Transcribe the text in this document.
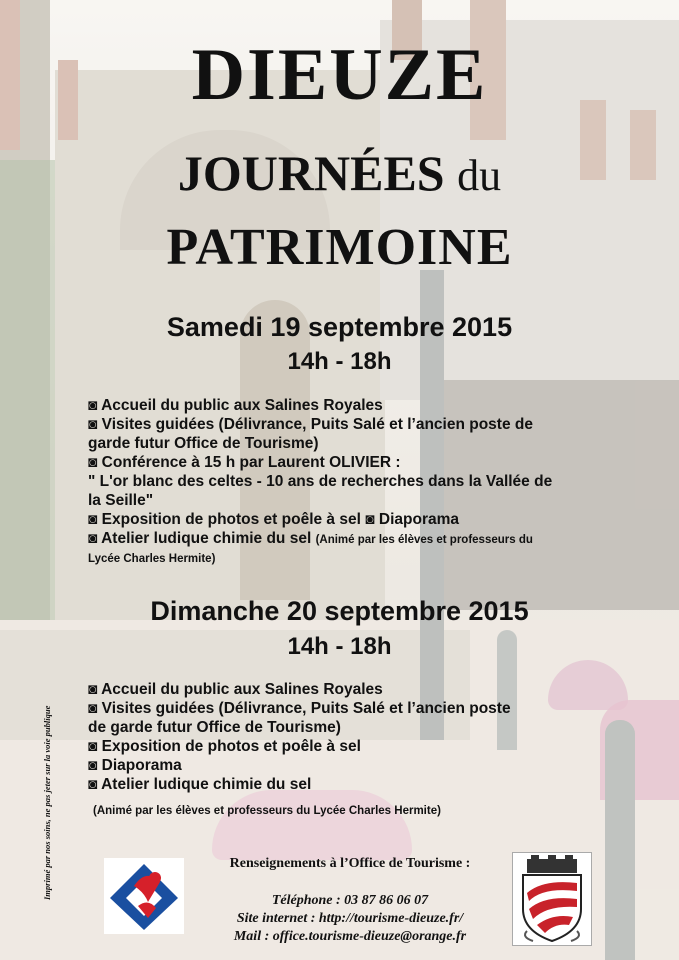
DIEUZE
JOURNÉES du
PATRIMOINE
Samedi 19 septembre 2015
14h - 18h
◙ Accueil du public aux Salines Royales
◙ Visites guidées (Délivrance, Puits Salé et l’ancien poste de
garde futur Office de Tourisme)
◙ Conférence à 15 h par Laurent OLIVIER :
" L'or blanc des celtes - 10 ans de recherches dans la Vallée de
la Seille"
◙ Exposition de photos et poêle à sel ◙ Diaporama
◙ Atelier ludique chimie du sel (Animé par les élèves et professeurs du
Lycée Charles Hermite)
Dimanche 20 septembre 2015
14h - 18h
◙ Accueil du public aux Salines Royales
◙ Visites guidées (Délivrance, Puits Salé et l’ancien poste
de garde futur Office de Tourisme)
◙ Exposition de photos et poêle à sel
◙ Diaporama
◙ Atelier ludique chimie du sel
(Animé par les élèves et professeurs du Lycée Charles Hermite)
Imprimé par nos soins, ne pas jeter sur la voie publique	Renseignements à l’Office de Tourisme :
Téléphone : 03 87 86 06 07
Site internet : http://tourisme-dieuze.fr/
Mail : office.tourisme-dieuze@orange.fr
